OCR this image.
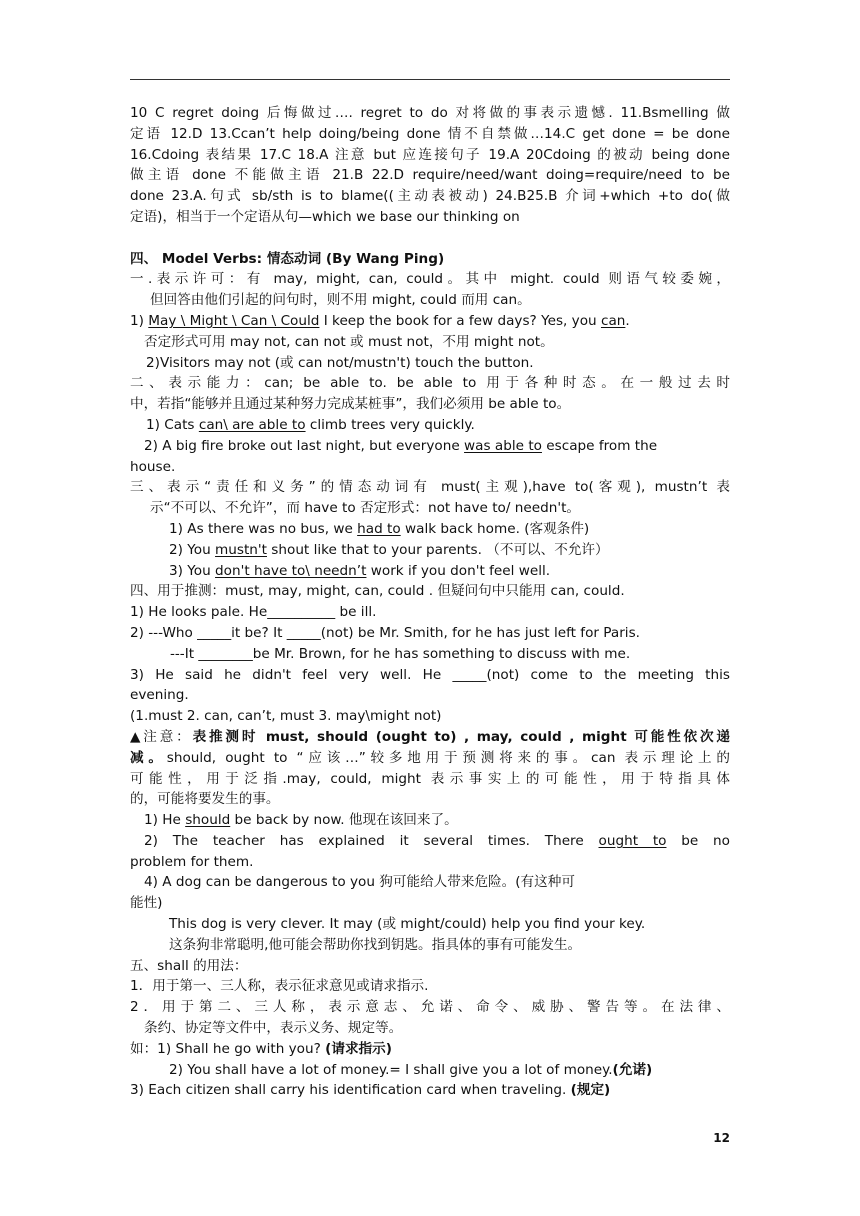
10 C regret doing 后悔做过…. regret to do 对将做的事表示遗憾. 11.Bsmelling 做
定语 12.D 13.Ccan’t help doing/being done 情不自禁做…14.C get done = be done
16.Cdoing 表结果 17.C 18.A 注意 but 应连接句子 19.A 20Cdoing 的被动 being done
做主语 done 不能做主语 21.B 22.D require/need/want doing=require/need to be
done 23.A.句式 sb/sth is to blame((主动表被动) 24.B25.B 介词+which +to do(做
定语)，相当于一个定语从句—which we base our thinking on
四、 Model Verbs: 情态动词 (By Wang Ping)
一.表示许可：有 may, might, can, could。其中 might. could 则语气较委婉，
但回答由他们引起的问句时，则不用 might, could 而用 can。
1) May \ Might \ Can \ Could I keep the book for a few days? Yes, you can.
否定形式可用 may not, can not 或 must not，不用 might not。
2)Visitors may not (或 can not/mustn't) touch the button.
二、表示能力：can; be able to. be able to 用于各种时态。在一般过去时
中，若指“能够并且通过某种努力完成某桩事”，我们必须用 be able to。
1) Cats can\ are able to climb trees very quickly.
2) A big fire broke out last night, but everyone was able to escape from the
house.
三、表示“责任和义务”的情态动词有 must(主观),have to(客观), mustn’t 表
示“不可以、不允许”，而 have to 否定形式：not have to/ needn't。
1) As there was no bus, we had to walk back home. (客观条件)
2) You mustn't shout like that to your parents. （不可以、不允许）
3) You don't have to\ needn’t work if you don't feel well.
四、用于推测：must, may, might, can, could . 但疑问句中只能用 can, could.
1) He looks pale. He__________ be ill.
2) ---Who _____it be? It _____(not) be Mr. Smith, for he has just left for Paris.
---It ________be Mr. Brown, for he has something to discuss with me.
3) He said he didn't feel very well. He _____(not) come to the meeting this
evening.
(1.must 2. can, can’t, must 3. may\might not)
▲注意：表推测时 must, should (ought to) , may, could , might 可能性依次递
减。should, ought to “应该…”较多地用于预测将来的事。can 表示理论上的
可能性，用于泛指.may, could, might 表示事实上的可能性，用于特指具体
的，可能将要发生的事。
1) He should be back by now. 他现在该回来了。
2) The teacher has explained it several times. There ought to be no
problem for them.
4) A dog can be dangerous to you 狗可能给人带来危险。(有这种可
能性)
This dog is very clever. It may (或 might/could) help you find your key.
这条狗非常聪明,他可能会帮助你找到钥匙。指具体的事有可能发生。
五、shall 的用法：
1．用于第一、三人称，表示征求意见或请求指示.
2．用于第二、三人称，表示意志、允诺、命令、威胁、警告等。在法律、
条约、协定等文件中，表示义务、规定等。
如：1) Shall he go with you? (请求指示)
2) You shall have a lot of money.= I shall give you a lot of money.(允诺)
3) Each citizen shall carry his identification card when traveling. (规定)
12
